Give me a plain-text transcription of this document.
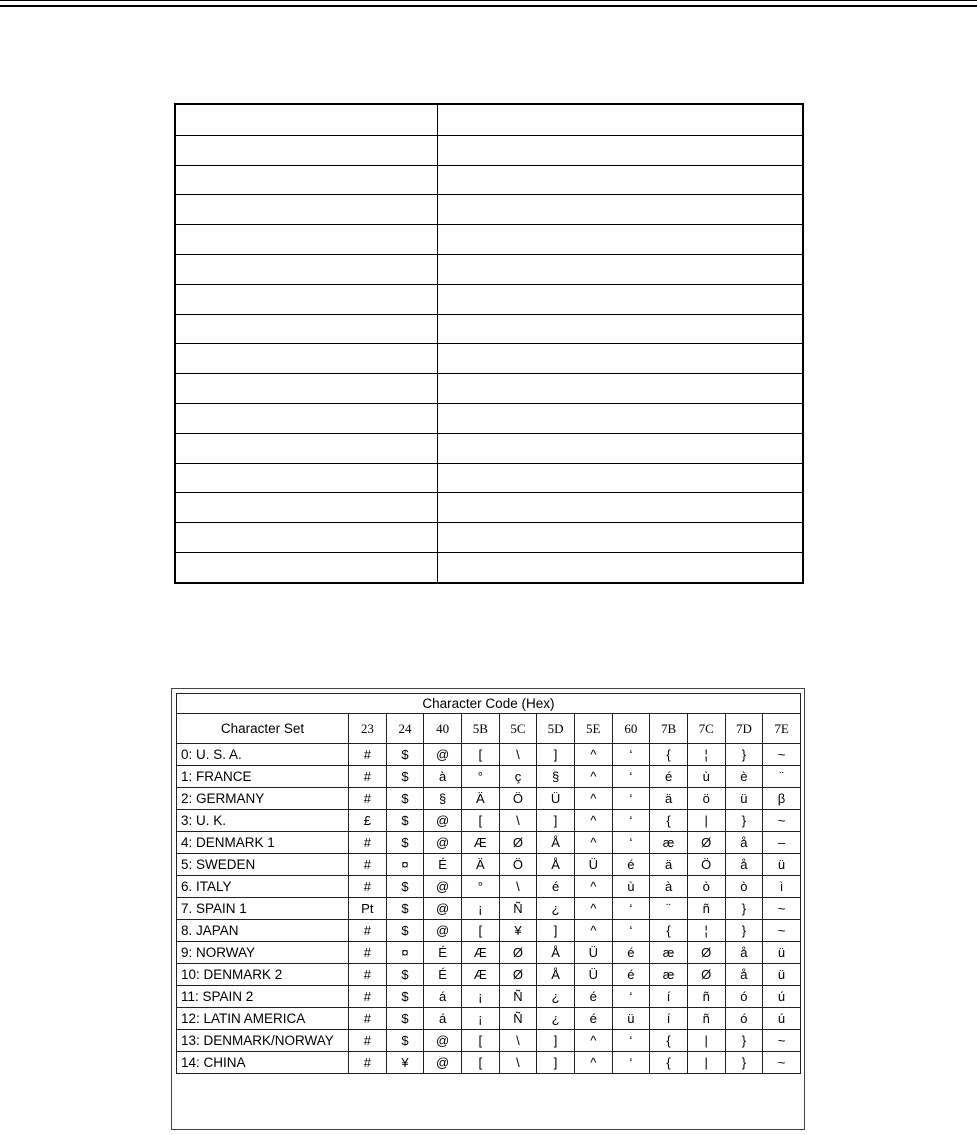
Character Code (Hex)												
Character Set	23	24	40	5B	5C	5D	5E	60	7B	7C	7D	7E
0: U. S. A.	#	$	@	[	\	]	^	‘	{	¦	}	~
1: FRANCE	#	$	à	°	ç	§	^	‘	é	ù	è	¨
2: GERMANY	#	$	§	Ä	Ö	Ü	^	‘	ä	ö	ü	β
3: U. K.	£	$	@	[	\	]	^	‘	{	|	}	~
4: DENMARK 1	#	$	@	Æ	Ø	Å	^	‘	æ	Ø	å	–
5: SWEDEN	#	¤	É	Ä	Ö	Å	Ü	é	ä	Ö	å	ü
6. ITALY	#	$	@	°	\	é	^	ù	à	ò	ò	ì
7. SPAIN 1	Pt	$	@	¡	Ñ	¿	^	‘	¨	ñ	}	~
8. JAPAN	#	$	@	[	¥	]	^	‘	{	¦	}	~
9: NORWAY	#	¤	É	Æ	Ø	Å	Ü	é	æ	Ø	å	ü
10: DENMARK 2	#	$	É	Æ	Ø	Å	Ü	é	æ	Ø	å	ü
11: SPAIN 2	#	$	á	¡	Ñ	¿	é	‘	í	ñ	ó	ú
12: LATIN AMERICA	#	$	á	¡	Ñ	¿	é	ü	í	ñ	ó	ú
13: DENMARK/NORWAY	#	$	@	[	\	]	^	‘	{	|	}	~
14: CHINA	#	¥	@	[	\	]	^	‘	{	|	}	~
